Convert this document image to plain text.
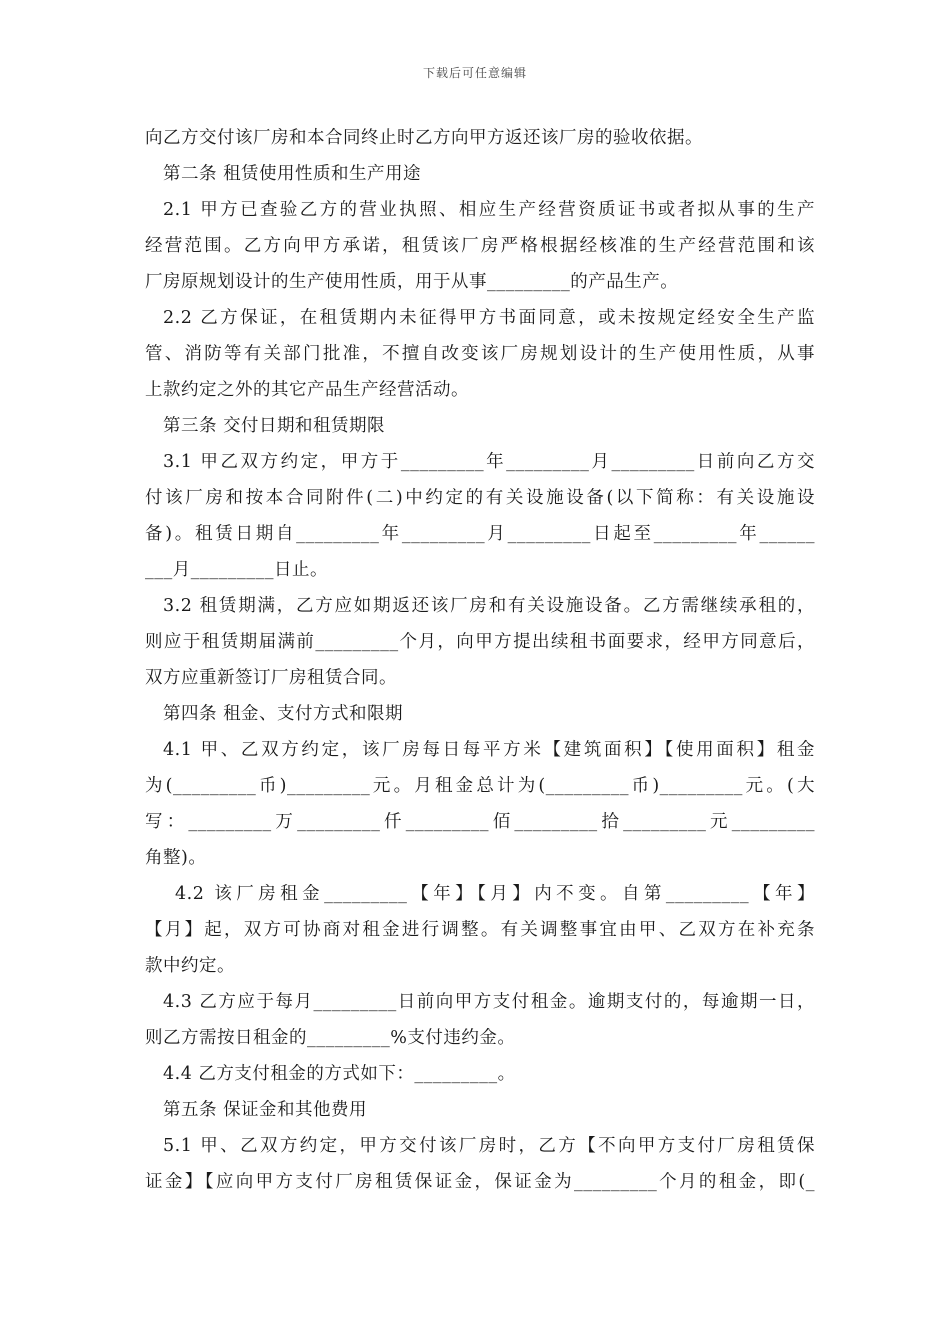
下载后可任意编辑
向乙方交付该厂房和本合同终止时乙方向甲方返还该厂房的验收依据。
第二条 租赁使用性质和生产用途
2.1 甲方已查验乙方的营业执照、相应生产经营资质证书或者拟从事的生产
经营范围。乙方向甲方承诺，租赁该厂房严格根据经核准的生产经营范围和该
厂房原规划设计的生产使用性质，用于从事_________的产品生产。
2.2 乙方保证，在租赁期内未征得甲方书面同意，或未按规定经安全生产监
管、消防等有关部门批准，不擅自改变该厂房规划设计的生产使用性质，从事
上款约定之外的其它产品生产经营活动。
第三条 交付日期和租赁期限
3.1 甲乙双方约定，甲方于_________年_________月_________日前向乙方交
付该厂房和按本合同附件(二)中约定的有关设施设备(以下简称：有关设施设
备)。租赁日期自_________年_________月_________日起至_________年______
___月_________日止。
3.2 租赁期满，乙方应如期返还该厂房和有关设施设备。乙方需继续承租的，
则应于租赁期届满前_________个月，向甲方提出续租书面要求，经甲方同意后，
双方应重新签订厂房租赁合同。
第四条 租金、支付方式和限期
4.1 甲、乙双方约定，该厂房每日每平方米【建筑面积】【使用面积】租金
为(_________币)_________元。月租金总计为(_________币)_________元。(大
写：_________万_________仟_________佰_________拾_________元_________
角整)。
4.2 该厂房租金_________【年】【月】内不变。自第_________【年】
【月】起，双方可协商对租金进行调整。有关调整事宜由甲、乙双方在补充条
款中约定。
4.3 乙方应于每月_________日前向甲方支付租金。逾期支付的，每逾期一日，
则乙方需按日租金的_________%支付违约金。
4.4 乙方支付租金的方式如下：_________。
第五条 保证金和其他费用
5.1 甲、乙双方约定，甲方交付该厂房时，乙方【不向甲方支付厂房租赁保
证金】【应向甲方支付厂房租赁保证金，保证金为_________个月的租金，即(_
